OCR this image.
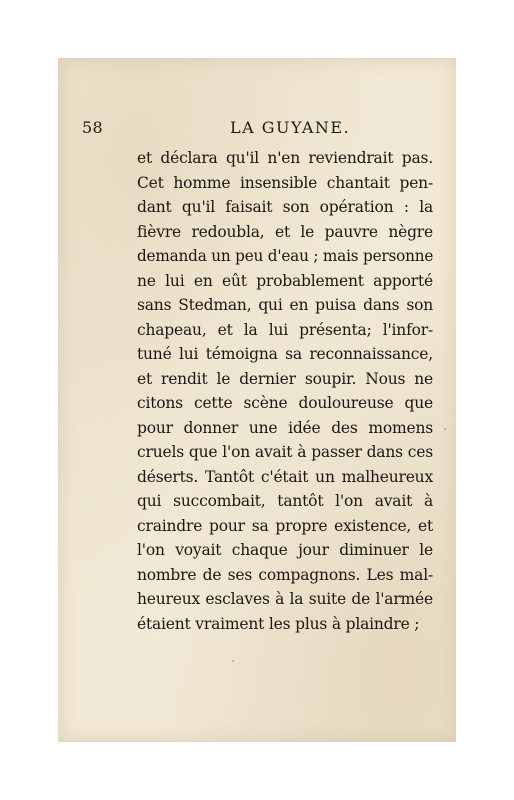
58	LA GUYANE.
et déclara qu'il n'en reviendrait pas.
Cet homme insensible chantait pen-
dant qu'il faisait son opération : la
fièvre redoubla, et le pauvre nègre
demanda un peu d'eau ; mais personne
ne lui en eût probablement apporté
sans Stedman, qui en puisa dans son
chapeau, et la lui présenta; l'infor-
tuné lui témoigna sa reconnaissance,
et rendit le dernier soupir. Nous ne
citons cette scène douloureuse que
pour donner une idée des momens
cruels que l'on avait à passer dans ces
déserts. Tantôt c'était un malheureux
qui succombait, tantôt l'on avait à
craindre pour sa propre existence, et
l'on voyait chaque jour diminuer le
nombre de ses compagnons. Les mal-
heureux esclaves à la suite de l'armée
étaient vraiment les plus à plaindre ;
